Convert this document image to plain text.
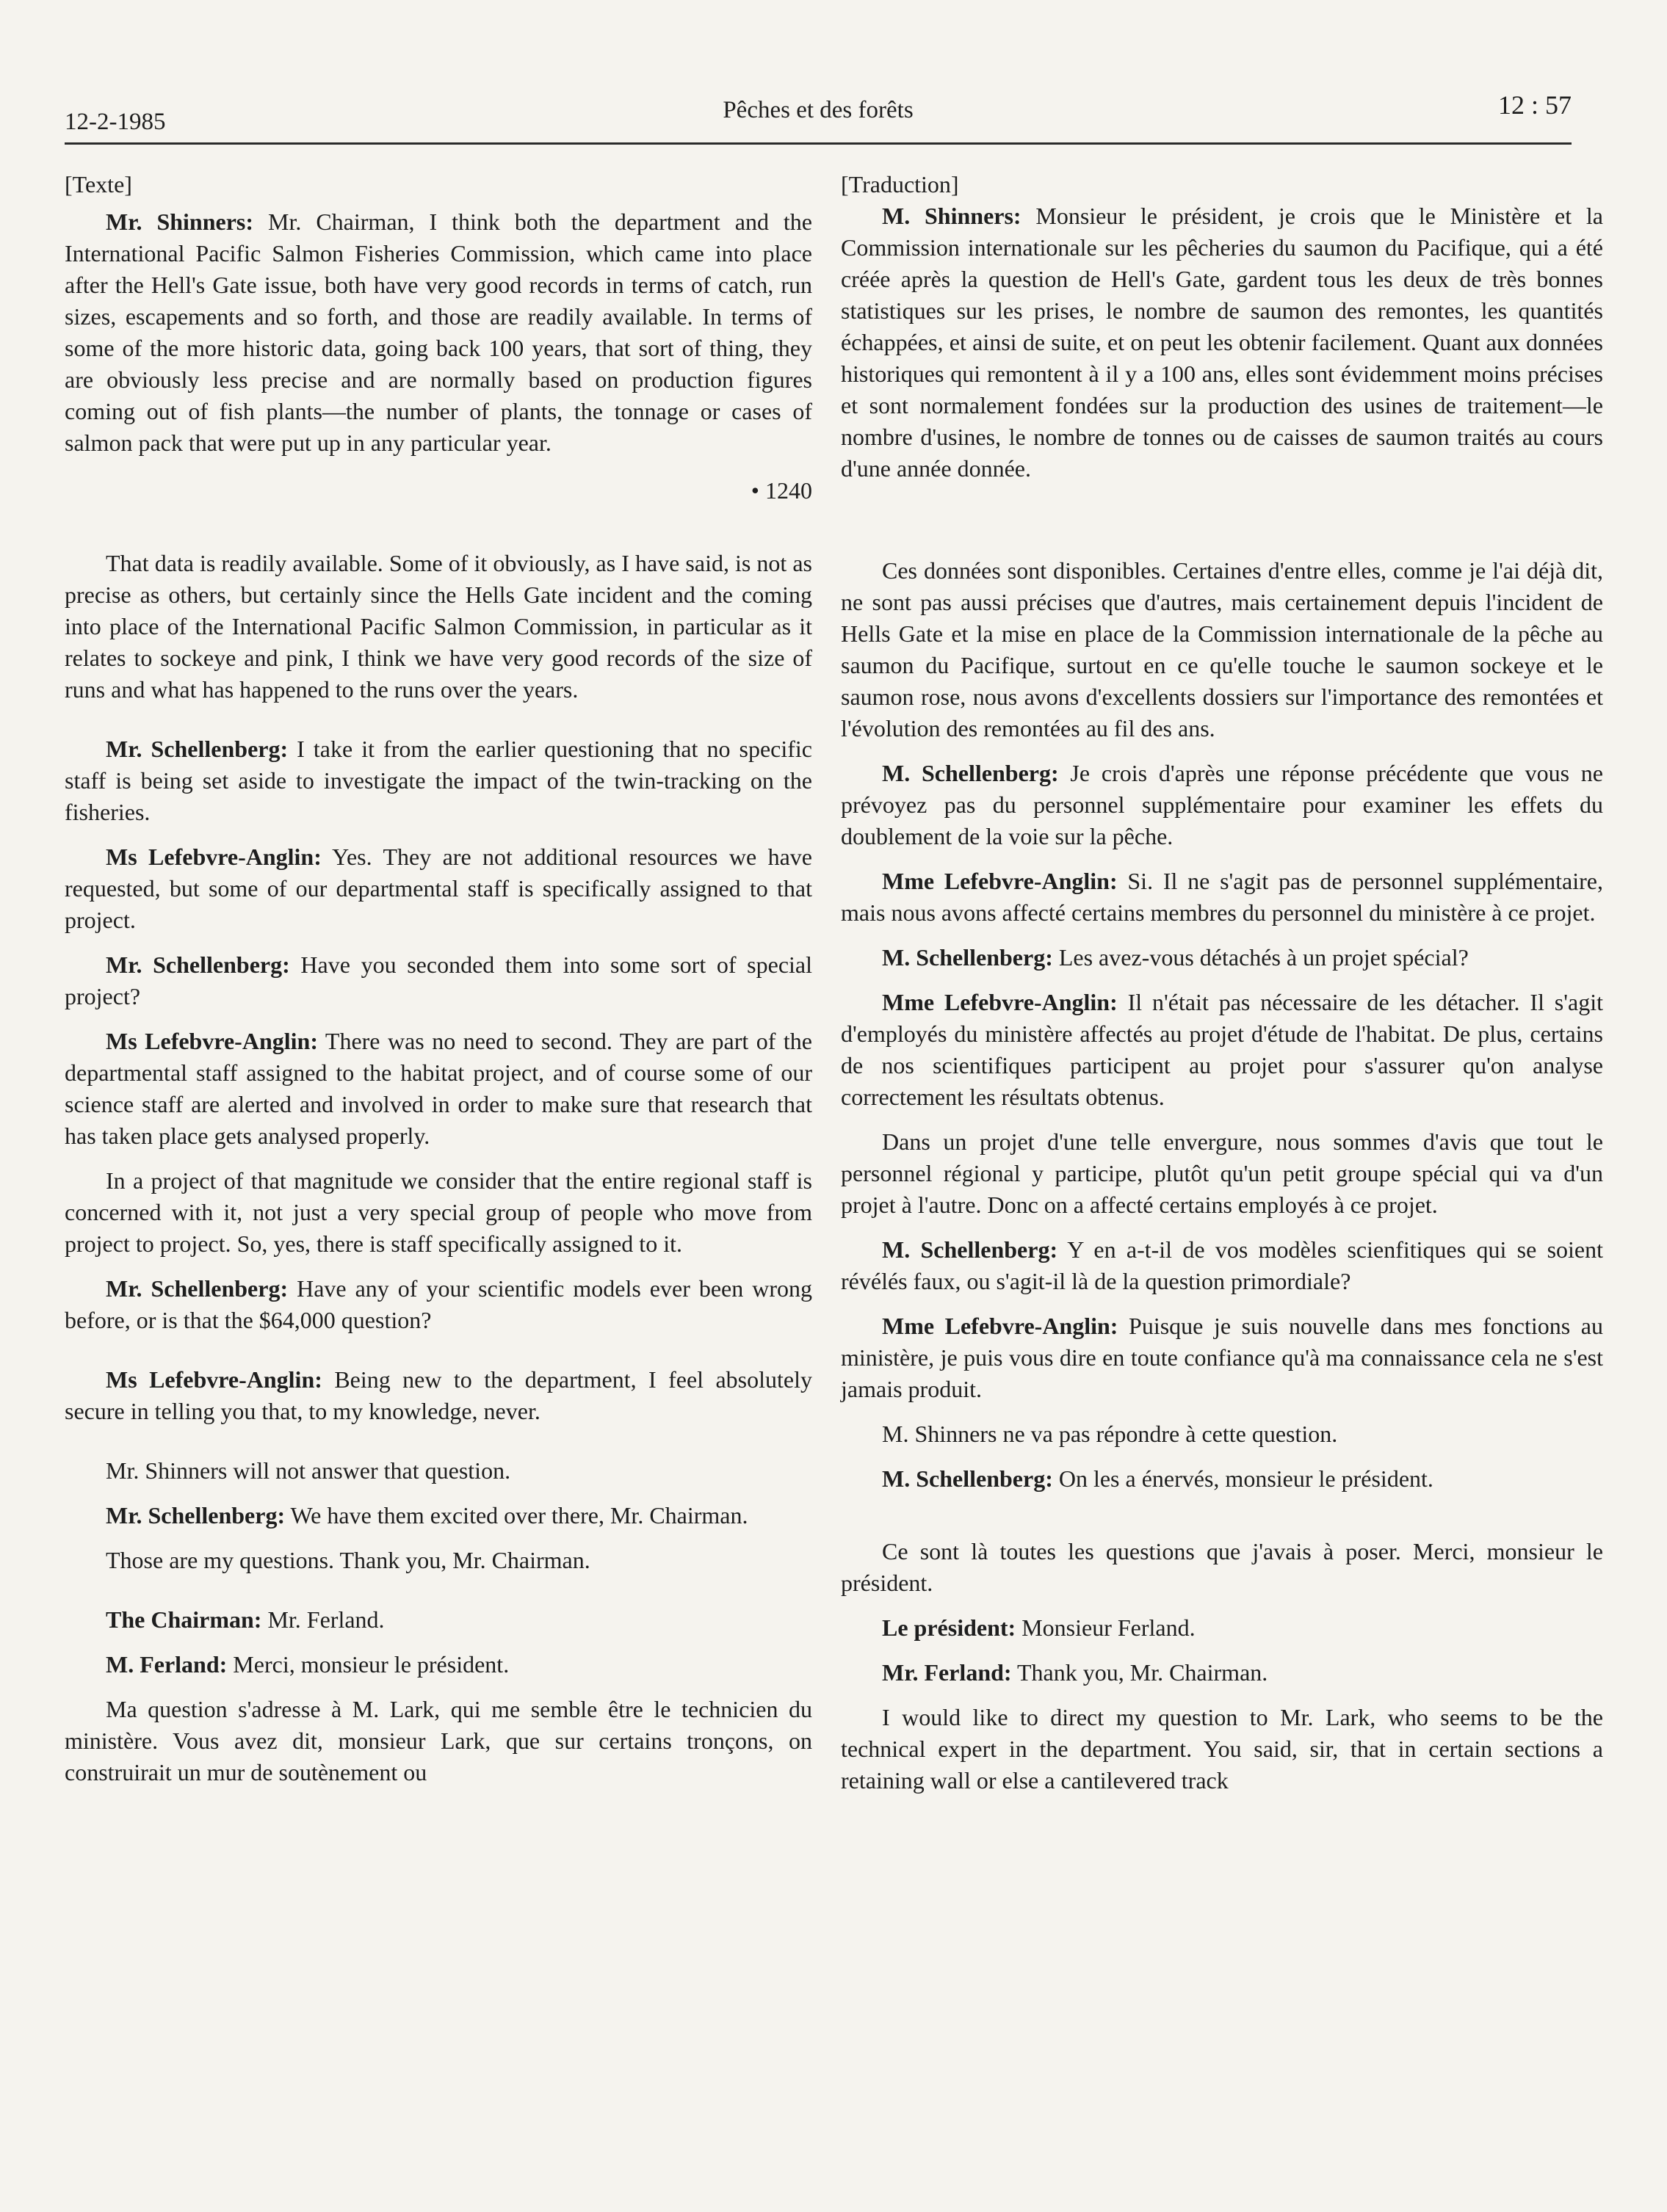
12-2-1985	Pêches et des forêts	12 : 57

[Texte]

Mr. Shinners: Mr. Chairman, I think both the department and the International Pacific Salmon Fisheries Commission, which came into place after the Hell's Gate issue, both have very good records in terms of catch, run sizes, escapements and so forth, and those are readily available. In terms of some of the more historic data, going back 100 years, that sort of thing, they are obviously less precise and are normally based on production figures coming out of fish plants—the number of plants, the tonnage or cases of salmon pack that were put up in any particular year.

• 1240

That data is readily available. Some of it obviously, as I have said, is not as precise as others, but certainly since the Hells Gate incident and the coming into place of the International Pacific Salmon Commission, in particular as it relates to sockeye and pink, I think we have very good records of the size of runs and what has happened to the runs over the years.

Mr. Schellenberg: I take it from the earlier questioning that no specific staff is being set aside to investigate the impact of the twin-tracking on the fisheries.

Ms Lefebvre-Anglin: Yes. They are not additional resources we have requested, but some of our departmental staff is specifically assigned to that project.

Mr. Schellenberg: Have you seconded them into some sort of special project?

Ms Lefebvre-Anglin: There was no need to second. They are part of the departmental staff assigned to the habitat project, and of course some of our science staff are alerted and involved in order to make sure that research that has taken place gets analysed properly.

In a project of that magnitude we consider that the entire regional staff is concerned with it, not just a very special group of people who move from project to project. So, yes, there is staff specifically assigned to it.

Mr. Schellenberg: Have any of your scientific models ever been wrong before, or is that the $64,000 question?

Ms Lefebvre-Anglin: Being new to the department, I feel absolutely secure in telling you that, to my knowledge, never.

Mr. Shinners will not answer that question.

Mr. Schellenberg: We have them excited over there, Mr. Chairman.

Those are my questions. Thank you, Mr. Chairman.

The Chairman: Mr. Ferland.

M. Ferland: Merci, monsieur le président.

Ma question s'adresse à M. Lark, qui me semble être le technicien du ministère. Vous avez dit, monsieur Lark, que sur certains tronçons, on construirait un mur de soutènement ou

[Traduction]

M. Shinners: Monsieur le président, je crois que le Ministère et la Commission internationale sur les pêcheries du saumon du Pacifique, qui a été créée après la question de Hell's Gate, gardent tous les deux de très bonnes statistiques sur les prises, le nombre de saumon des remontes, les quantités échappées, et ainsi de suite, et on peut les obtenir facilement. Quant aux données historiques qui remontent à il y a 100 ans, elles sont évidemment moins précises et sont normalement fondées sur la production des usines de traitement—le nombre d'usines, le nombre de tonnes ou de caisses de saumon traités au cours d'une année donnée.

Ces données sont disponibles. Certaines d'entre elles, comme je l'ai déjà dit, ne sont pas aussi précises que d'autres, mais certainement depuis l'incident de Hells Gate et la mise en place de la Commission internationale de la pêche au saumon du Pacifique, surtout en ce qu'elle touche le saumon sockeye et le saumon rose, nous avons d'excellents dossiers sur l'importance des remontées et l'évolution des remontées au fil des ans.

M. Schellenberg: Je crois d'après une réponse précédente que vous ne prévoyez pas du personnel supplémentaire pour examiner les effets du doublement de la voie sur la pêche.

Mme Lefebvre-Anglin: Si. Il ne s'agit pas de personnel supplémentaire, mais nous avons affecté certains membres du personnel du ministère à ce projet.

M. Schellenberg: Les avez-vous détachés à un projet spécial?

Mme Lefebvre-Anglin: Il n'était pas nécessaire de les détacher. Il s'agit d'employés du ministère affectés au projet d'étude de l'habitat. De plus, certains de nos scientifiques participent au projet pour s'assurer qu'on analyse correctement les résultats obtenus.

Dans un projet d'une telle envergure, nous sommes d'avis que tout le personnel régional y participe, plutôt qu'un petit groupe spécial qui va d'un projet à l'autre. Donc on a affecté certains employés à ce projet.

M. Schellenberg: Y en a-t-il de vos modèles scienfitiques qui se soient révélés faux, ou s'agit-il là de la question primordiale?

Mme Lefebvre-Anglin: Puisque je suis nouvelle dans mes fonctions au ministère, je puis vous dire en toute confiance qu'à ma connaissance cela ne s'est jamais produit.

M. Shinners ne va pas répondre à cette question.

M. Schellenberg: On les a énervés, monsieur le président.

Ce sont là toutes les questions que j'avais à poser. Merci, monsieur le président.

Le président: Monsieur Ferland.

Mr. Ferland: Thank you, Mr. Chairman.

I would like to direct my question to Mr. Lark, who seems to be the technical expert in the department. You said, sir, that in certain sections a retaining wall or else a cantilevered track
